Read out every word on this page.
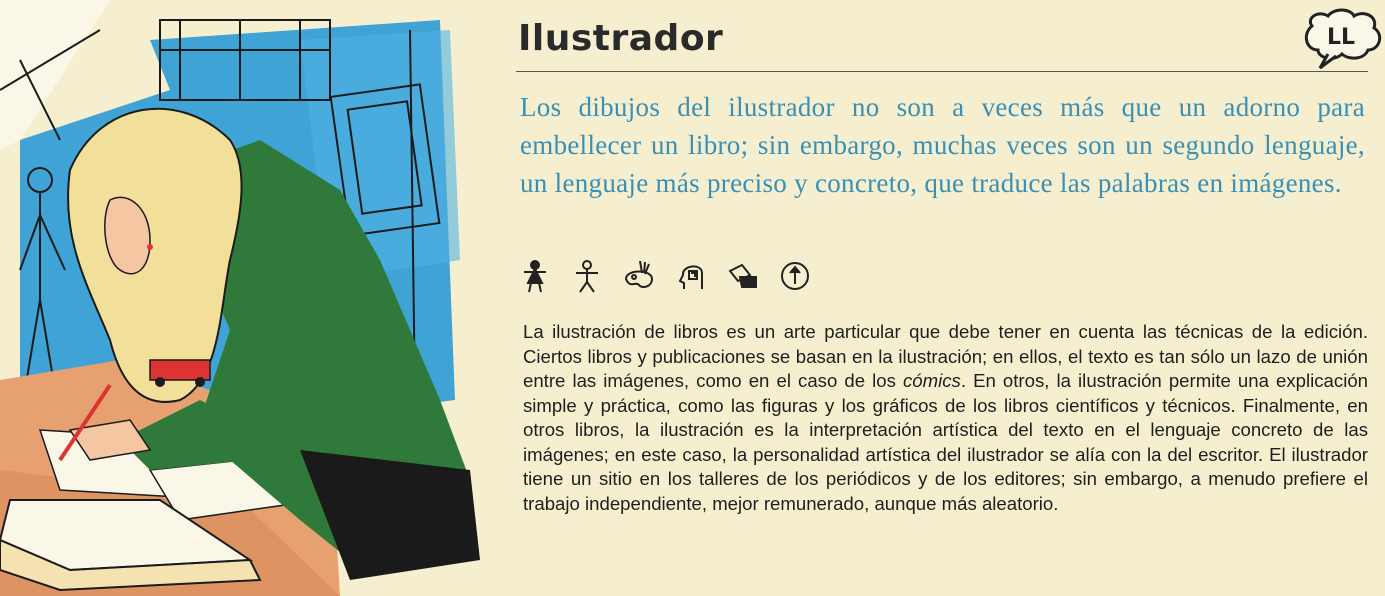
Ilustrador	LL
Los dibujos del ilustrador no son a veces más que un adorno para embellecer un libro; sin embargo, muchas veces son un segundo lenguaje, un lenguaje más preciso y concreto, que traduce las palabras en imágenes.
La ilustración de libros es un arte particular que debe tener en cuenta las técnicas de la edición. Ciertos libros y publicaciones se basan en la ilustración; en ellos, el texto es tan sólo un lazo de unión entre las imágenes, como en el caso de los cómics. En otros, la ilustración permite una explicación simple y práctica, como las figuras y los gráficos de los libros científicos y técnicos. Finalmente, en otros libros, la ilustración es la interpretación artística del texto en el lenguaje concreto de las imágenes; en este caso, la personalidad artística del ilustrador se alía con la del escritor. El ilustrador tiene un sitio en los talleres de los periódicos y de los editores; sin embargo, a menudo prefiere el trabajo independiente, mejor remunerado, aunque más aleatorio.
